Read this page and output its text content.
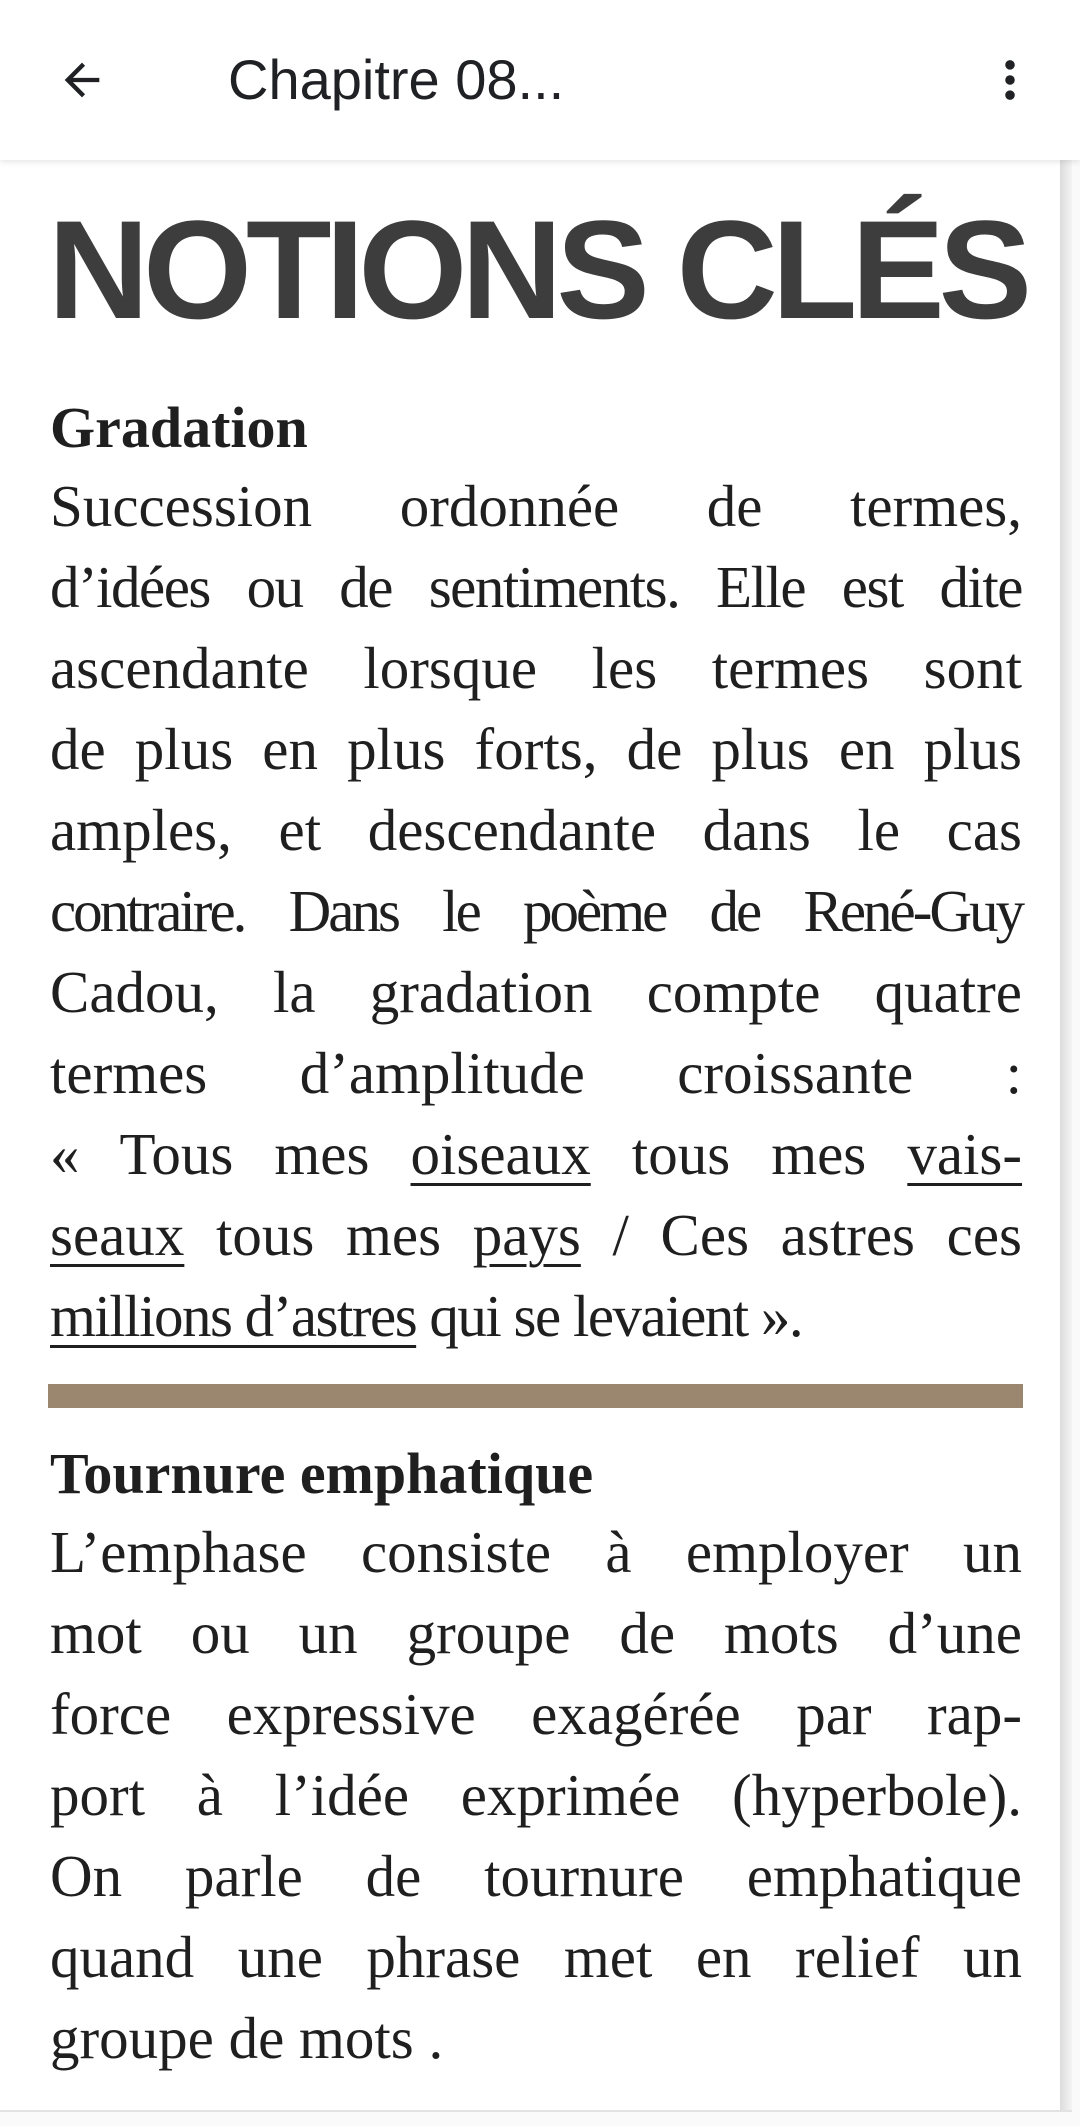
Chapitre 08...
NOTIONS CLÉS
Gradation
Succession ordonnée de termes,
d’idées ou de sentiments. Elle est dite
ascendante lorsque les termes sont
de plus en plus forts, de plus en plus
amples, et descendante dans le cas
contraire. Dans le poème de René-Guy
Cadou, la gradation compte quatre
termes d’amplitude croissante :
« Tous mes oiseaux tous mes vais-
seaux tous mes pays / Ces astres ces
millions d’astres qui se levaient ».
Tournure emphatique
L’emphase consiste à employer un
mot ou un groupe de mots d’une
force expressive exagérée par rap-
port à l’idée exprimée (hyperbole).
On parle de tournure emphatique
quand une phrase met en relief un
groupe de mots .
